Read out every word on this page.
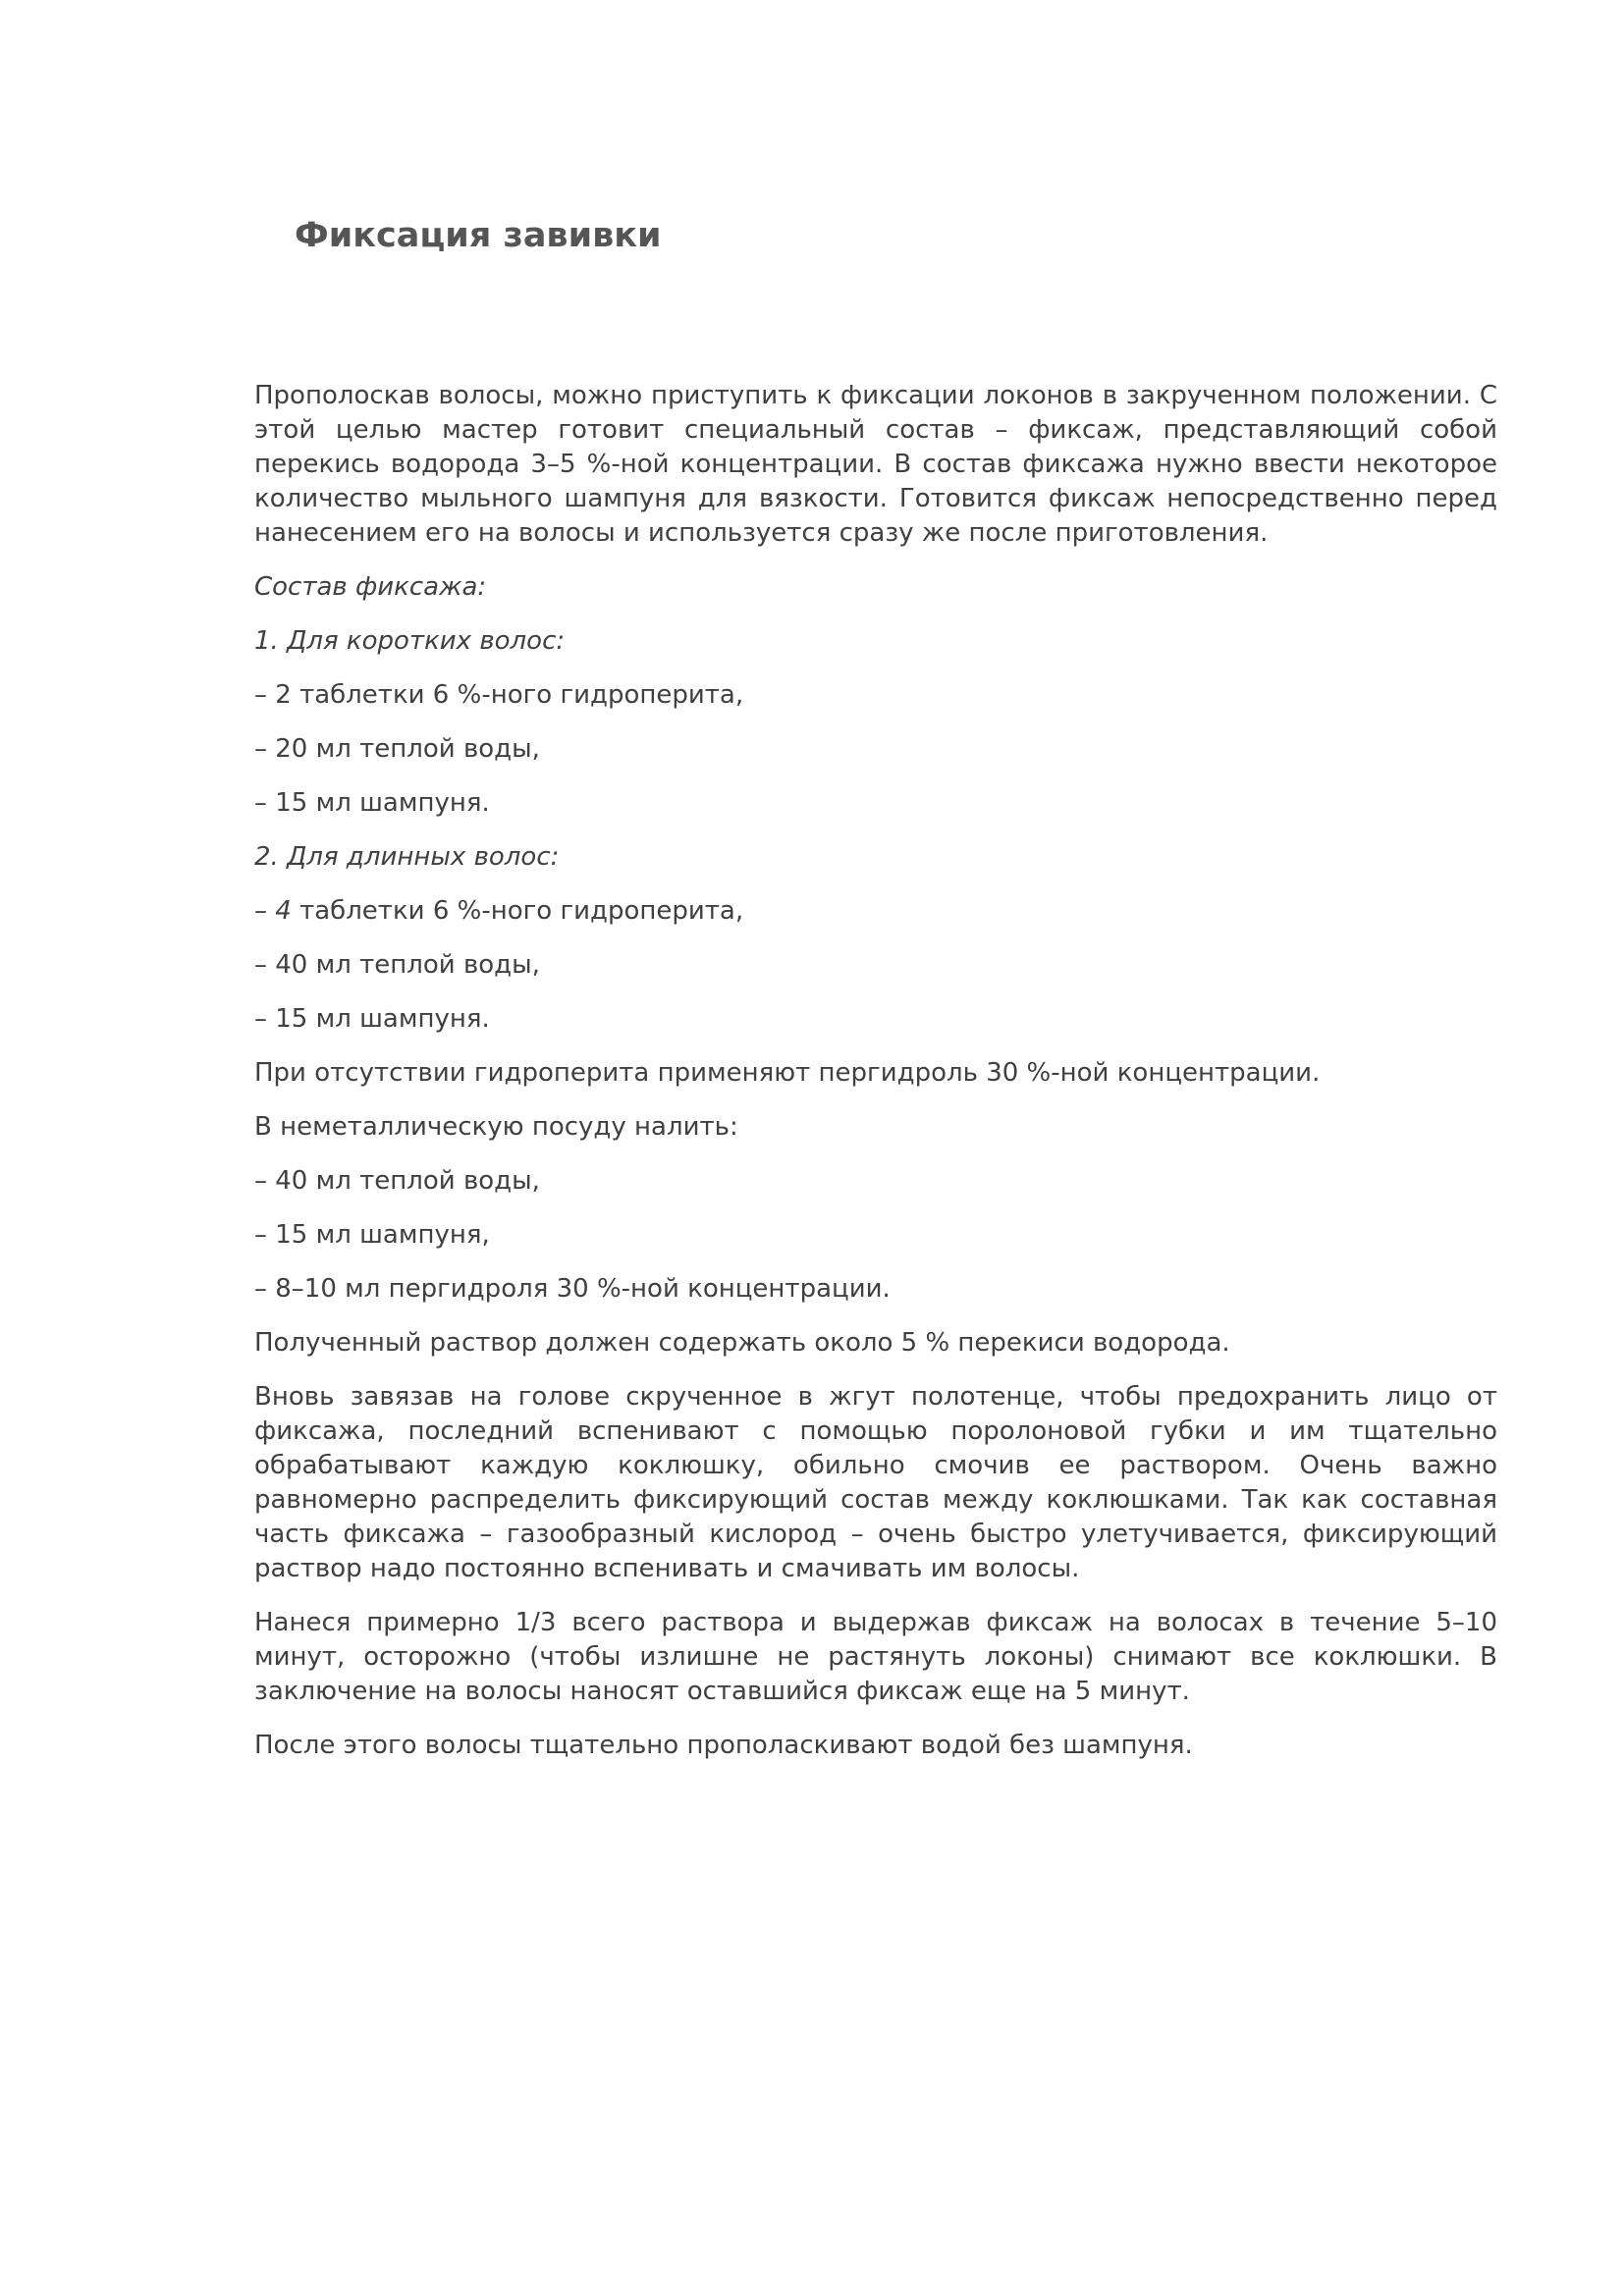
Фиксация завивки

Прополоскав волосы, можно приступить к фиксации локонов в закрученном положении. С этой целью мастер готовит специальный состав – фиксаж, представляющий собой перекись водорода 3–5 %-ной концентрации. В состав фиксажа нужно ввести некоторое количество мыльного шампуня для вязкости. Готовится фиксаж непосредственно перед нанесением его на волосы и используется сразу же после приготовления.

Состав фиксажа:

1. Для коротких волос:

– 2 таблетки 6 %-ного гидроперита,

– 20 мл теплой воды,

– 15 мл шампуня.

2. Для длинных волос:

– 4 таблетки 6 %-ного гидроперита,

– 40 мл теплой воды,

– 15 мл шампуня.

При отсутствии гидроперита применяют пергидроль 30 %-ной концентрации.

В неметаллическую посуду налить:

– 40 мл теплой воды,

– 15 мл шампуня,

– 8–10 мл пергидроля 30 %-ной концентрации.

Полученный раствор должен содержать около 5 % перекиси водорода.

Вновь завязав на голове скрученное в жгут полотенце, чтобы предохранить лицо от фиксажа, последний вспенивают с помощью поролоновой губки и им тщательно обрабатывают каждую коклюшку, обильно смочив ее раствором. Очень важно равномерно распределить фиксирующий состав между коклюшками. Так как составная часть фиксажа – газообразный кислород – очень быстро улетучивается, фиксирующий раствор надо постоянно вспенивать и смачивать им волосы.

Нанеся примерно 1/3 всего раствора и выдержав фиксаж на волосах в течение 5–10 минут, осторожно (чтобы излишне не растянуть локоны) снимают все коклюшки. В заключение на волосы наносят оставшийся фиксаж еще на 5 минут.

После этого волосы тщательно прополаскивают водой без шампуня.
